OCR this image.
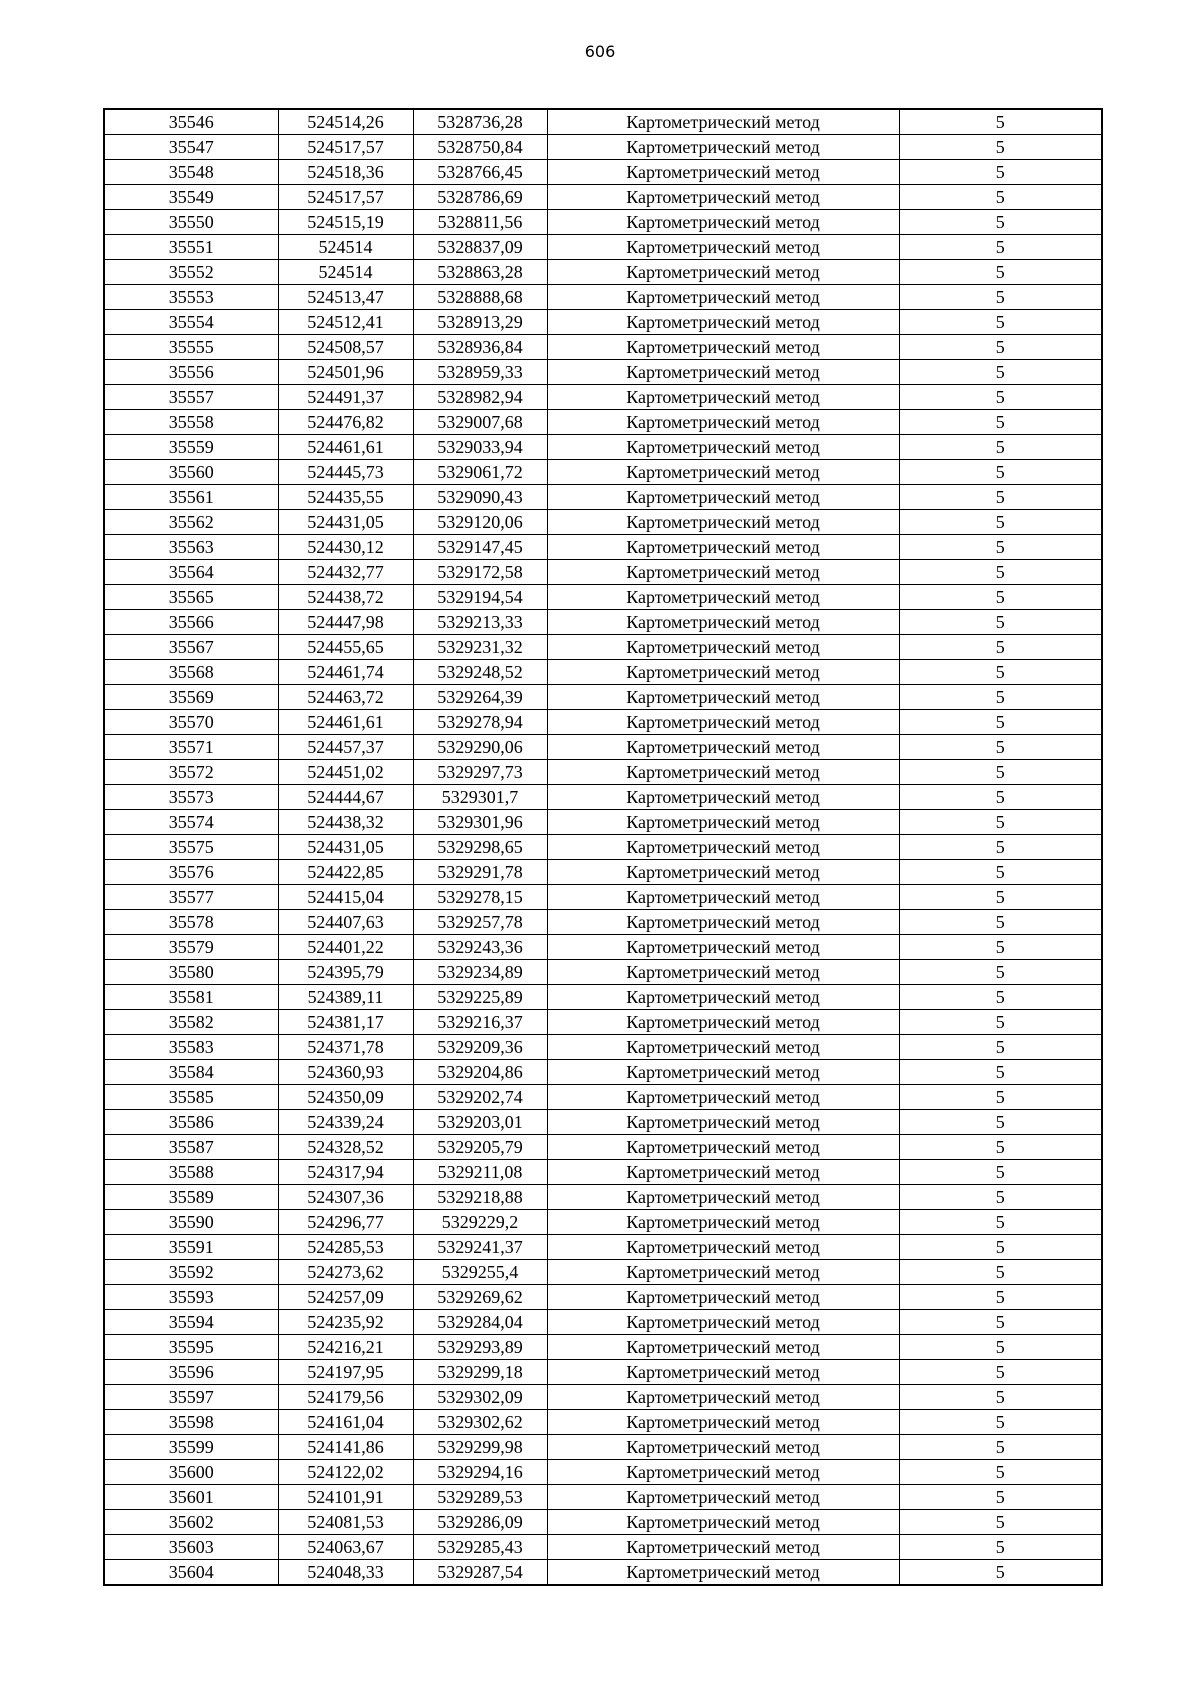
606
35546	524514,26	5328736,28	Картометрический метод	5
35547	524517,57	5328750,84	Картометрический метод	5
35548	524518,36	5328766,45	Картометрический метод	5
35549	524517,57	5328786,69	Картометрический метод	5
35550	524515,19	5328811,56	Картометрический метод	5
35551	524514	5328837,09	Картометрический метод	5
35552	524514	5328863,28	Картометрический метод	5
35553	524513,47	5328888,68	Картометрический метод	5
35554	524512,41	5328913,29	Картометрический метод	5
35555	524508,57	5328936,84	Картометрический метод	5
35556	524501,96	5328959,33	Картометрический метод	5
35557	524491,37	5328982,94	Картометрический метод	5
35558	524476,82	5329007,68	Картометрический метод	5
35559	524461,61	5329033,94	Картометрический метод	5
35560	524445,73	5329061,72	Картометрический метод	5
35561	524435,55	5329090,43	Картометрический метод	5
35562	524431,05	5329120,06	Картометрический метод	5
35563	524430,12	5329147,45	Картометрический метод	5
35564	524432,77	5329172,58	Картометрический метод	5
35565	524438,72	5329194,54	Картометрический метод	5
35566	524447,98	5329213,33	Картометрический метод	5
35567	524455,65	5329231,32	Картометрический метод	5
35568	524461,74	5329248,52	Картометрический метод	5
35569	524463,72	5329264,39	Картометрический метод	5
35570	524461,61	5329278,94	Картометрический метод	5
35571	524457,37	5329290,06	Картометрический метод	5
35572	524451,02	5329297,73	Картометрический метод	5
35573	524444,67	5329301,7	Картометрический метод	5
35574	524438,32	5329301,96	Картометрический метод	5
35575	524431,05	5329298,65	Картометрический метод	5
35576	524422,85	5329291,78	Картометрический метод	5
35577	524415,04	5329278,15	Картометрический метод	5
35578	524407,63	5329257,78	Картометрический метод	5
35579	524401,22	5329243,36	Картометрический метод	5
35580	524395,79	5329234,89	Картометрический метод	5
35581	524389,11	5329225,89	Картометрический метод	5
35582	524381,17	5329216,37	Картометрический метод	5
35583	524371,78	5329209,36	Картометрический метод	5
35584	524360,93	5329204,86	Картометрический метод	5
35585	524350,09	5329202,74	Картометрический метод	5
35586	524339,24	5329203,01	Картометрический метод	5
35587	524328,52	5329205,79	Картометрический метод	5
35588	524317,94	5329211,08	Картометрический метод	5
35589	524307,36	5329218,88	Картометрический метод	5
35590	524296,77	5329229,2	Картометрический метод	5
35591	524285,53	5329241,37	Картометрический метод	5
35592	524273,62	5329255,4	Картометрический метод	5
35593	524257,09	5329269,62	Картометрический метод	5
35594	524235,92	5329284,04	Картометрический метод	5
35595	524216,21	5329293,89	Картометрический метод	5
35596	524197,95	5329299,18	Картометрический метод	5
35597	524179,56	5329302,09	Картометрический метод	5
35598	524161,04	5329302,62	Картометрический метод	5
35599	524141,86	5329299,98	Картометрический метод	5
35600	524122,02	5329294,16	Картометрический метод	5
35601	524101,91	5329289,53	Картометрический метод	5
35602	524081,53	5329286,09	Картометрический метод	5
35603	524063,67	5329285,43	Картометрический метод	5
35604	524048,33	5329287,54	Картометрический метод	5
